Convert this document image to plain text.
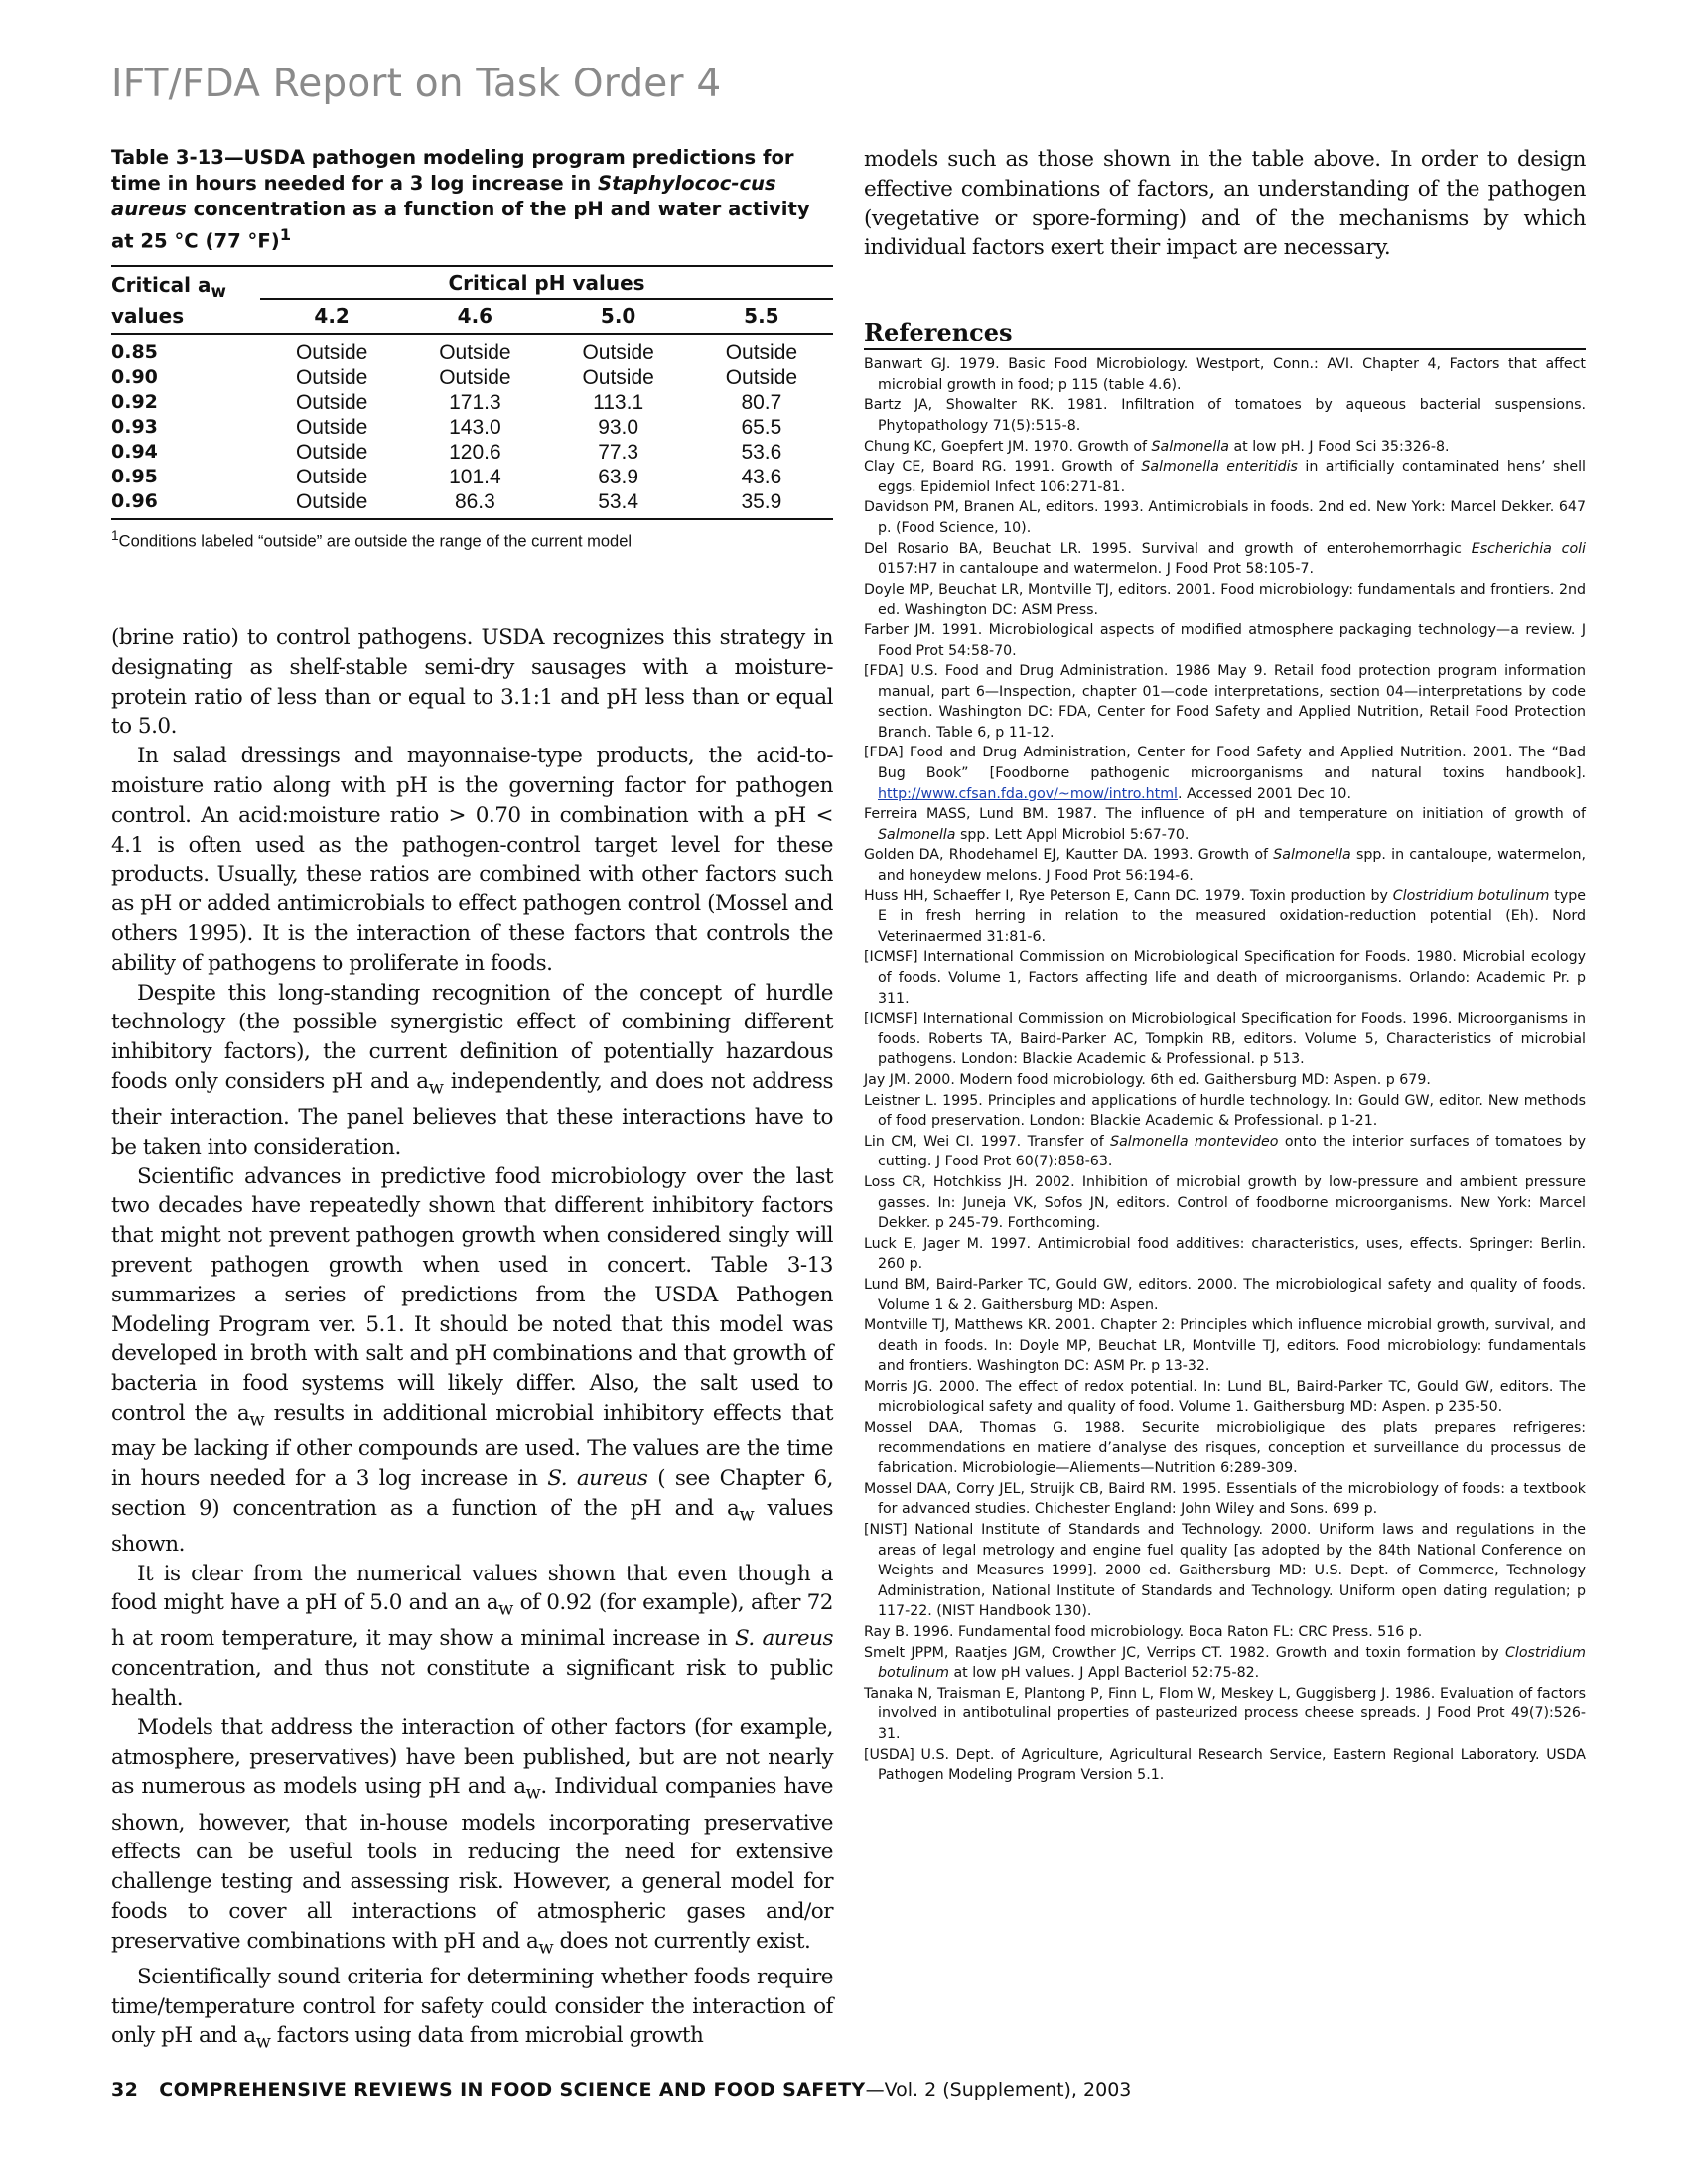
IFT/FDA Report on Task Order 4
Table 3-13—USDA pathogen modeling program predictions for time in hours needed for a 3 log increase in Staphylococ-cus aureus concentration as a function of the pH and water activity at 25 °C (77 °F)$^1$
Critical $a_w$
values	Critical pH values			
	4.2	4.6	5.0	5.5
0.85	Outside	Outside	Outside	Outside
0.90	Outside	Outside	Outside	Outside
0.92	Outside	171.3	113.1	80.7
0.93	Outside	143.0	93.0	65.5
0.94	Outside	120.6	77.3	53.6
0.95	Outside	101.4	63.9	43.6
0.96	Outside	86.3	53.4	35.9
$^1$Conditions labeled “outside” are outside the range of the current model

(brine ratio) to control pathogens. USDA recognizes this strategy in designating as shelf-stable semi-dry sausages with a moisture-protein ratio of less than or equal to 3.1:1 and pH less than or equal to 5.0.

In salad dressings and mayonnaise-type products, the acid-to-moisture ratio along with pH is the governing factor for pathogen control. An acid:moisture ratio > 0.70 in combination with a pH < 4.1 is often used as the pathogen-control target level for these products. Usually, these ratios are combined with other factors such as pH or added antimicrobials to effect pathogen control (Mossel and others 1995). It is the interaction of these factors that controls the ability of pathogens to proliferate in foods.

Despite this long-standing recognition of the concept of hurdle technology (the possible synergistic effect of combining different inhibitory factors), the current definition of potentially hazardous foods only considers pH and $a_w$ independently, and does not address their interaction. The panel believes that these interactions have to be taken into consideration.

Scientific advances in predictive food microbiology over the last two decades have repeatedly shown that different inhibitory factors that might not prevent pathogen growth when considered singly will prevent pathogen growth when used in concert. Table 3-13 summarizes a series of predictions from the USDA Pathogen Modeling Program ver. 5.1. It should be noted that this model was developed in broth with salt and pH combinations and that growth of bacteria in food systems will likely differ. Also, the salt used to control the $a_w$ results in additional microbial inhibitory effects that may be lacking if other compounds are used. The values are the time in hours needed for a 3 log increase in S. aureus ( see Chapter 6, section 9) concentration as a function of the pH and $a_w$ values shown.

It is clear from the numerical values shown that even though a food might have a pH of 5.0 and an $a_w$ of 0.92 (for example), after 72 h at room temperature, it may show a minimal increase in S. aureus concentration, and thus not constitute a significant risk to public health.

Models that address the interaction of other factors (for example, atmosphere, preservatives) have been published, but are not nearly as numerous as models using pH and $a_w$. Individual companies have shown, however, that in-house models incorporating preservative effects can be useful tools in reducing the need for extensive challenge testing and assessing risk. However, a general model for foods to cover all interactions of atmospheric gases and/or preservative combinations with pH and $a_w$ does not currently exist.

Scientifically sound criteria for determining whether foods require time/temperature control for safety could consider the interaction of only pH and $a_w$ factors using data from microbial growth

models such as those shown in the table above. In order to design effective combinations of factors, an understanding of the pathogen (vegetative or spore-forming) and of the mechanisms by which individual factors exert their impact are necessary.

References
Banwart GJ. 1979. Basic Food Microbiology. Westport, Conn.: AVI. Chapter 4, Factors that affect microbial growth in food; p 115 (table 4.6).
Bartz JA, Showalter RK. 1981. Infiltration of tomatoes by aqueous bacterial suspensions. Phytopathology 71(5):515-8.
Chung KC, Goepfert JM. 1970. Growth of Salmonella at low pH. J Food Sci 35:326-8.
Clay CE, Board RG. 1991. Growth of Salmonella enteritidis in artificially contaminated hens’ shell eggs. Epidemiol Infect 106:271-81.
Davidson PM, Branen AL, editors. 1993. Antimicrobials in foods. 2nd ed. New York: Marcel Dekker. 647 p. (Food Science, 10).
Del Rosario BA, Beuchat LR. 1995. Survival and growth of enterohemorrhagic Escherichia coli 0157:H7 in cantaloupe and watermelon. J Food Prot 58:105-7.
Doyle MP, Beuchat LR, Montville TJ, editors. 2001. Food microbiology: fundamentals and frontiers. 2nd ed. Washington DC: ASM Press.
Farber JM. 1991. Microbiological aspects of modified atmosphere packaging technology—a review. J Food Prot 54:58-70.
[FDA] U.S. Food and Drug Administration. 1986 May 9. Retail food protection program information manual, part 6—Inspection, chapter 01—code interpretations, section 04—interpretations by code section. Washington DC: FDA, Center for Food Safety and Applied Nutrition, Retail Food Protection Branch. Table 6, p 11-12.
[FDA] Food and Drug Administration, Center for Food Safety and Applied Nutrition. 2001. The “Bad Bug Book” [Foodborne pathogenic microorganisms and natural toxins handbook]. http://www.cfsan.fda.gov/~mow/intro.html. Accessed 2001 Dec 10.
Ferreira MASS, Lund BM. 1987. The influence of pH and temperature on initiation of growth of Salmonella spp. Lett Appl Microbiol 5:67-70.
Golden DA, Rhodehamel EJ, Kautter DA. 1993. Growth of Salmonella spp. in cantaloupe, watermelon, and honeydew melons. J Food Prot 56:194-6.
Huss HH, Schaeffer I, Rye Peterson E, Cann DC. 1979. Toxin production by Clostridium botulinum type E in fresh herring in relation to the measured oxidation-reduction potential (Eh). Nord Veterinaermed 31:81-6.
[ICMSF] International Commission on Microbiological Specification for Foods. 1980. Microbial ecology of foods. Volume 1, Factors affecting life and death of microorganisms. Orlando: Academic Pr. p 311.
[ICMSF] International Commission on Microbiological Specification for Foods. 1996. Microorganisms in foods. Roberts TA, Baird-Parker AC, Tompkin RB, editors. Volume 5, Characteristics of microbial pathogens. London: Blackie Academic & Professional. p 513.
Jay JM. 2000. Modern food microbiology. 6th ed. Gaithersburg MD: Aspen. p 679.
Leistner L. 1995. Principles and applications of hurdle technology. In: Gould GW, editor. New methods of food preservation. London: Blackie Academic & Professional. p 1-21.
Lin CM, Wei CI. 1997. Transfer of Salmonella montevideo onto the interior surfaces of tomatoes by cutting. J Food Prot 60(7):858-63.
Loss CR, Hotchkiss JH. 2002. Inhibition of microbial growth by low-pressure and ambient pressure gasses. In: Juneja VK, Sofos JN, editors. Control of foodborne microorganisms. New York: Marcel Dekker. p 245-79. Forthcoming.
Luck E, Jager M. 1997. Antimicrobial food additives: characteristics, uses, effects. Springer: Berlin. 260 p.
Lund BM, Baird-Parker TC, Gould GW, editors. 2000. The microbiological safety and quality of foods. Volume 1 & 2. Gaithersburg MD: Aspen.
Montville TJ, Matthews KR. 2001. Chapter 2: Principles which influence microbial growth, survival, and death in foods. In: Doyle MP, Beuchat LR, Montville TJ, editors. Food microbiology: fundamentals and frontiers. Washington DC: ASM Pr. p 13-32.
Morris JG. 2000. The effect of redox potential. In: Lund BL, Baird-Parker TC, Gould GW, editors. The microbiological safety and quality of food. Volume 1. Gaithersburg MD: Aspen. p 235-50.
Mossel DAA, Thomas G. 1988. Securite microbioligique des plats prepares refrigeres: recommendations en matiere d’analyse des risques, conception et surveillance du processus de fabrication. Microbiologie—Aliements—Nutrition 6:289-309.
Mossel DAA, Corry JEL, Struijk CB, Baird RM. 1995. Essentials of the microbiology of foods: a textbook for advanced studies. Chichester England: John Wiley and Sons. 699 p.
[NIST] National Institute of Standards and Technology. 2000. Uniform laws and regulations in the areas of legal metrology and engine fuel quality [as adopted by the 84th National Conference on Weights and Measures 1999]. 2000 ed. Gaithersburg MD: U.S. Dept. of Commerce, Technology Administration, National Institute of Standards and Technology. Uniform open dating regulation; p 117-22. (NIST Handbook 130).
Ray B. 1996. Fundamental food microbiology. Boca Raton FL: CRC Press. 516 p.
Smelt JPPM, Raatjes JGM, Crowther JC, Verrips CT. 1982. Growth and toxin formation by Clostridium botulinum at low pH values. J Appl Bacteriol 52:75-82.
Tanaka N, Traisman E, Plantong P, Finn L, Flom W, Meskey L, Guggisberg J. 1986. Evaluation of factors involved in antibotulinal properties of pasteurized process cheese spreads. J Food Prot 49(7):526-31.
[USDA] U.S. Dept. of Agriculture, Agricultural Research Service, Eastern Regional Laboratory. USDA Pathogen Modeling Program Version 5.1.
32 COMPREHENSIVE REVIEWS IN FOOD SCIENCE AND FOOD SAFETY—Vol. 2 (Supplement), 2003
